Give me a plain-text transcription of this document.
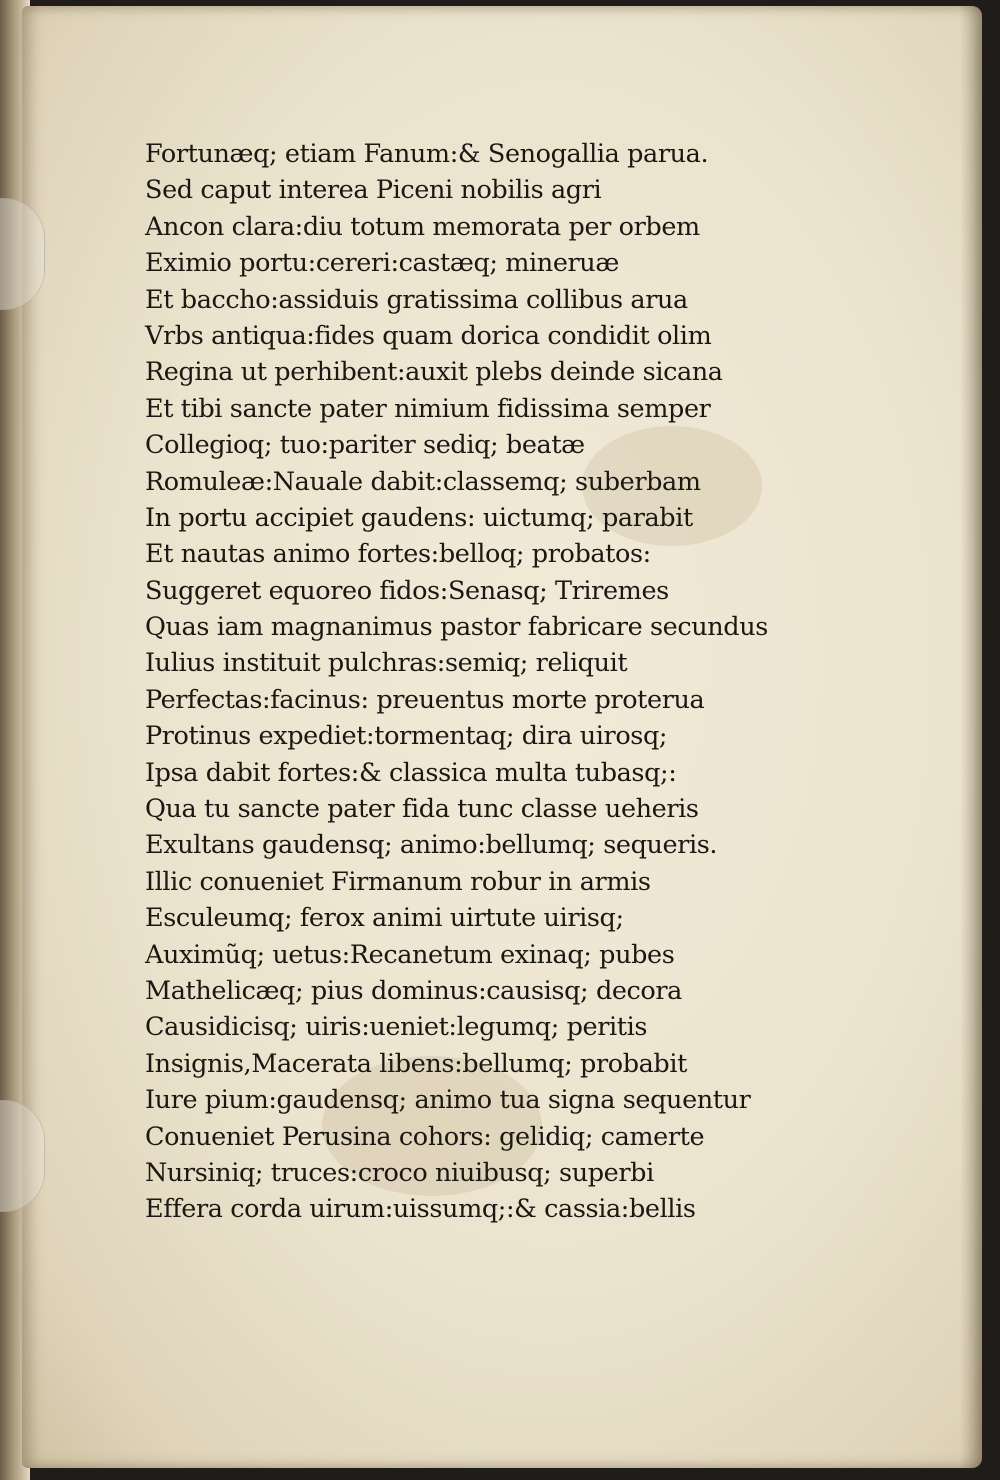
Fortunæq; etiam Fanum:& Senogallia parua.
Sed caput interea Piceni nobilis agri
Ancon clara:diu totum memorata per orbem
Eximio portu:cereri:castæq; mineruæ
Et baccho:assiduis gratissima collibus arua
Vrbs antiqua:fides quam dorica condidit olim
Regina ut perhibent:auxit plebs deinde sicana
Et tibi sancte pater nimium fidissima semper
Collegioq; tuo:pariter sediq; beatæ
Romuleæ:Nauale dabit:classemq; suberbam
In portu accipiet gaudens: uictumq; parabit
Et nautas animo fortes:belloq; probatos:
Suggeret equoreo fidos:Senasq; Triremes
Quas iam magnanimus pastor fabricare secundus
Iulius instituit pulchras:semiq; reliquit
Perfectas:facinus: preuentus morte proterua
Protinus expediet:tormentaq; dira uirosq;
Ipsa dabit fortes:& classica multa tubasq;:
Qua tu sancte pater fida tunc classe ueheris
Exultans gaudensq; animo:bellumq; sequeris.
Illic conueniet Firmanum robur in armis
Esculeumq; ferox animi uirtute uirisq;
Auximũq; uetus:Recanetum exinaq; pubes
Mathelicæq; pius dominus:causisq; decora
Causidicisq; uiris:ueniet:legumq; peritis
Insignis,Macerata libens:bellumq; probabit
Iure pium:gaudensq; animo tua signa sequentur
Conueniet Perusina cohors: gelidiq; camerte
Nursiniq; truces:croco niuibusq; superbi
Effera corda uirum:uissumq;:& cassia:bellis
